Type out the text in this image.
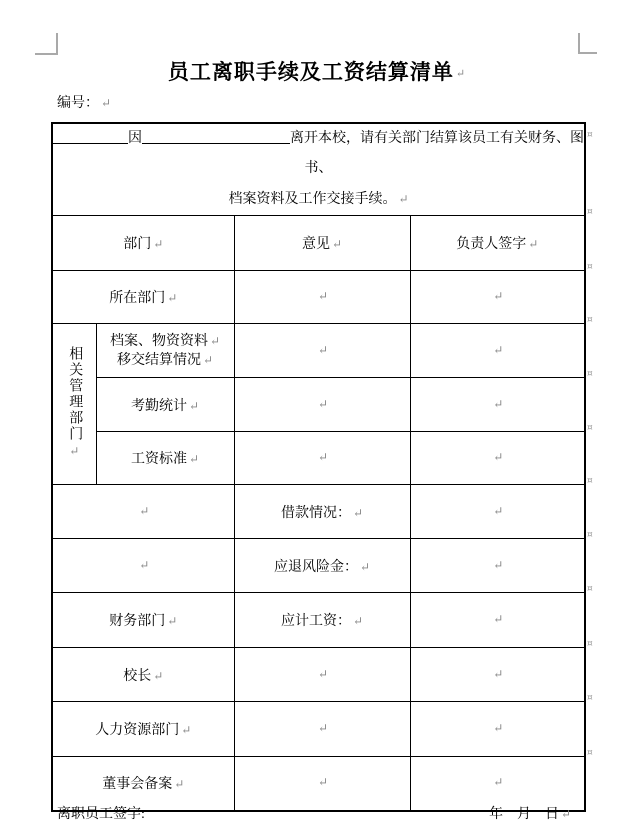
员工离职手续及工资结算清单 ↵
编号： ↵
因 离开本校，请有关部门结算该员工有关财务、图书、
档案资料及工作交接手续。 ↵			

部门 ↵		意见 ↵	负责人签字 ↵
所在部门 ↵		↵	↵
相关管理部门↵	档案、物资资料 ↵
移交结算情况 ↵	↵	↵
	考勤统计 ↵	↵	↵
	工资标准 ↵	↵	↵
↵		借款情况： ↵	↵
↵		应退风险金： ↵	↵
财务部门 ↵		应计工资： ↵	↵
校长 ↵		↵	↵
人力资源部门 ↵		↵	↵
董事会备案 ↵		↵	↵
¤
¤
¤
¤
¤
¤
¤
¤
¤
¤
¤
¤
离职员工签字:	年　月　日 ↵
